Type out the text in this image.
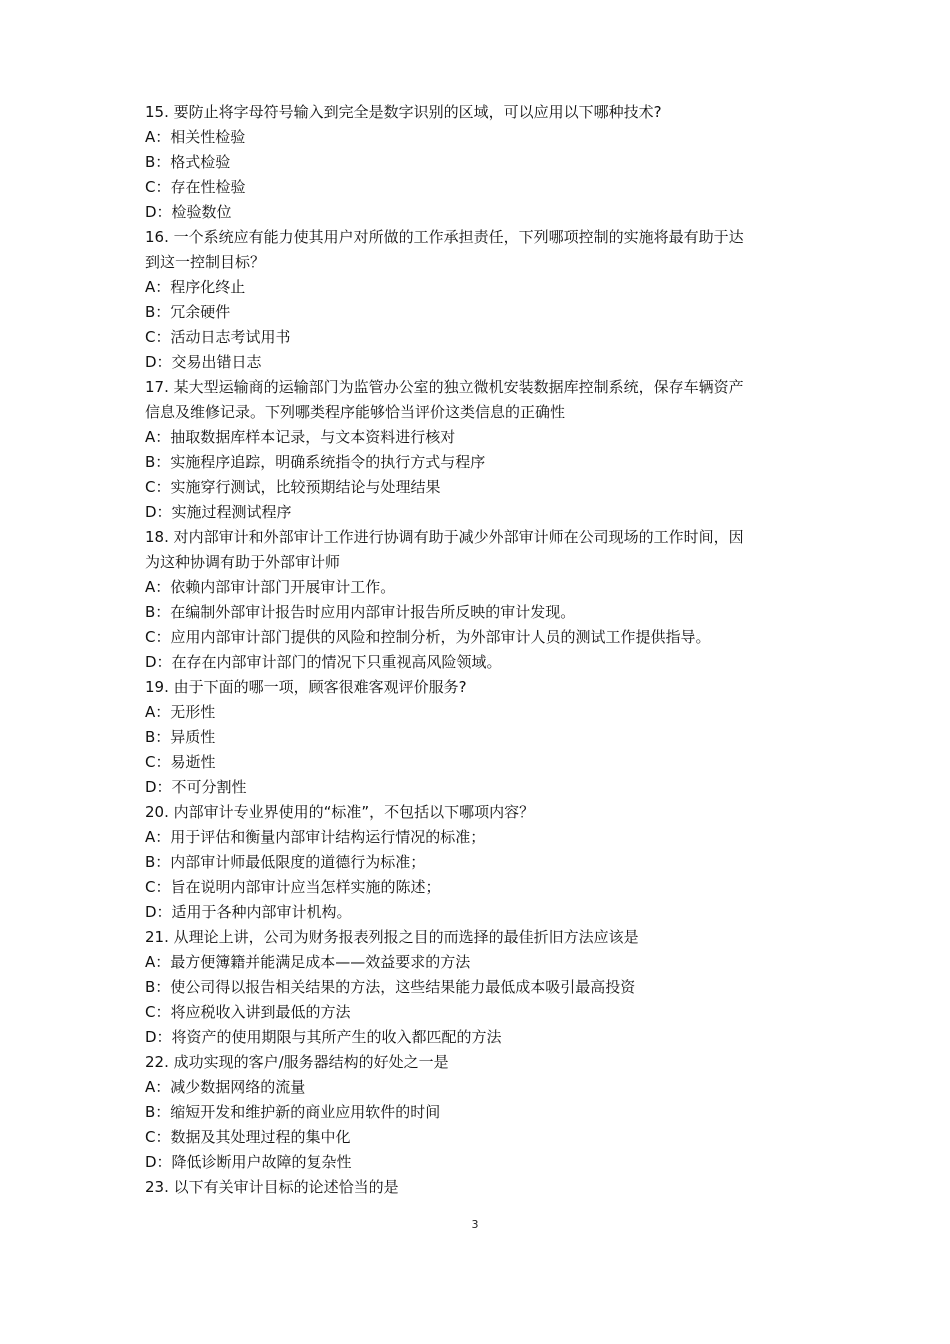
15. 要防止将字母符号输入到完全是数字识别的区域，可以应用以下哪种技术?
A：相关性检验
B：格式检验
C：存在性检验
D：检验数位
16. 一个系统应有能力使其用户对所做的工作承担责任，下列哪项控制的实施将最有助于达
到这一控制目标？
A：程序化终止
B：冗余硬件
C：活动日志考试用书
D：交易出错日志
17. 某大型运输商的运输部门为监管办公室的独立微机安装数据库控制系统，保存车辆资产
信息及维修记录。下列哪类程序能够恰当评价这类信息的正确性
A：抽取数据库样本记录，与文本资料进行核对
B：实施程序追踪，明确系统指令的执行方式与程序
C：实施穿行测试，比较预期结论与处理结果
D：实施过程测试程序
18. 对内部审计和外部审计工作进行协调有助于减少外部审计师在公司现场的工作时间，因
为这种协调有助于外部审计师
A：依赖内部审计部门开展审计工作。
B：在编制外部审计报告时应用内部审计报告所反映的审计发现。
C：应用内部审计部门提供的风险和控制分析，为外部审计人员的测试工作提供指导。
D：在存在内部审计部门的情况下只重视高风险领域。
19. 由于下面的哪一项，顾客很难客观评价服务?
A：无形性
B：异质性
C：易逝性
D：不可分割性
20. 内部审计专业界使用的“标准”，不包括以下哪项内容？
A：用于评估和衡量内部审计结构运行情况的标准；
B：内部审计师最低限度的道德行为标准；
C：旨在说明内部审计应当怎样实施的陈述；
D：适用于各种内部审计机构。
21. 从理论上讲，公司为财务报表列报之目的而选择的最佳折旧方法应该是
A：最方便簿籍并能满足成本——效益要求的方法
B：使公司得以报告相关结果的方法，这些结果能力最低成本吸引最高投资
C：将应税收入讲到最低的方法
D：将资产的使用期限与其所产生的收入都匹配的方法
22. 成功实现的客户/服务器结构的好处之一是
A：减少数据网络的流量
B：缩短开发和维护新的商业应用软件的时间
C：数据及其处理过程的集中化
D：降低诊断用户故障的复杂性
23. 以下有关审计目标的论述恰当的是
3
